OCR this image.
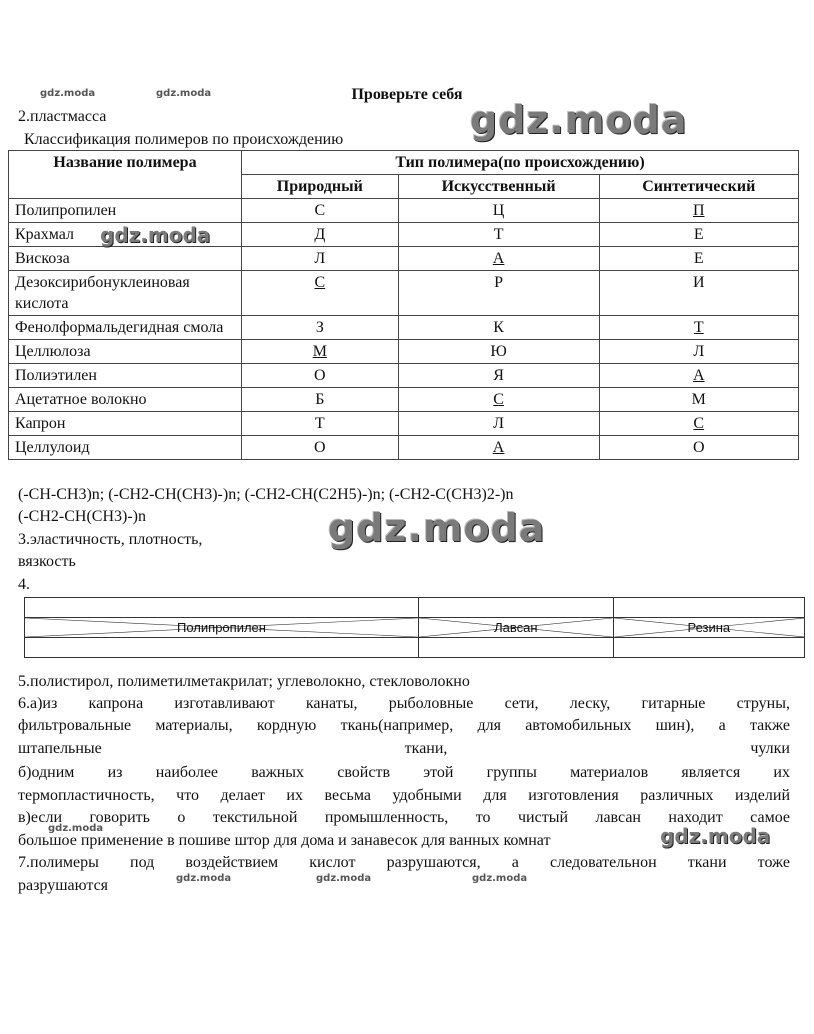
gdz.moda	gdz.moda	Проверьте себя
2.пластмасса
Классификация полимеров по происхождению
Название полимера	Тип полимера(по происхождению)		
	Природный	Искусственный	Синтетический
Полипропилен	С	Ц	П
Крахмал	Д	Т	Е
Вискоза	Л	А	Е
Дезоксирибонуклеиновая кислота	С	Р	И
Фенолформальдегидная смола	З	К	Т
Целлюлоза	М	Ю	Л
Полиэтилен	О	Я	А
Ацетатное волокно	Б	С	М
Капрон	Т	Л	С
Целлулоид	О	А	О
gdz.moda
gdz.moda
(-CH-CH3)n; (-CH2-CH(CH3)-)n; (-CH2-CH(C2H5)-)n; (-CH2-C(CH3)2-)n
(-CH2-CH(CH3)-)n	gdz.moda
3.эластичность, плотность,
вязкость
4.

Полипропилен	Лавсан	Резина

5.полистирол, полиметилметакрилат; углеволокно, стекловолокно
6.а)из капрона изготавливают канаты, рыболовные сети, леску, гитарные струны,
фильтровальные материалы, кордную ткань(например, для автомобильных шин), а также
штапельные	ткани,	чулки
б)одним из наиболее важных свойств этой группы материалов является их
термопластичность, что делает их весьма удобными для изготовления различных изделий
в)если говорить о текстильной промышленность, то чистый лавсан находит самое
большое применение в пошиве штор для дома и занавесок для ванных комнат
gdz.moda	gdz.moda
7.полимеры под воздействием кислот разрушаются, а следовательнон ткани тоже
разрушаются	gdz.moda	gdz.moda	gdz.moda
